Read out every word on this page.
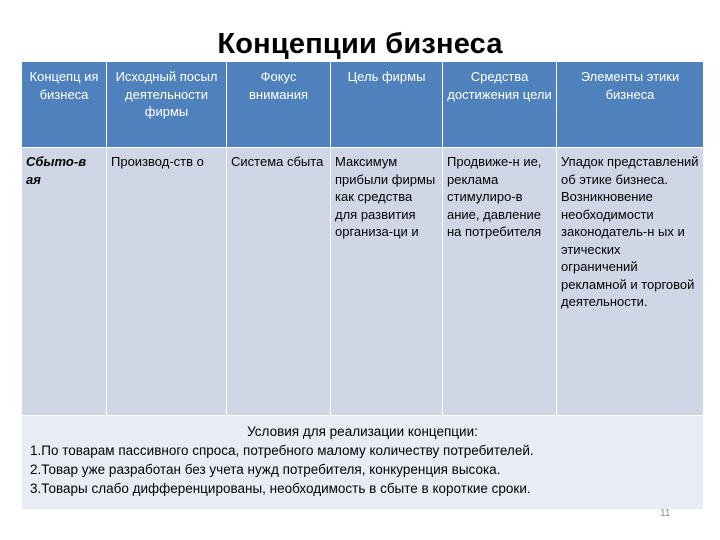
Концепции бизнеса
Концепц ия бизнеса	Исходный посыл деятельности фирмы	Фокус внимания	Цель фирмы	Средства достижения цели	Элементы этики бизнеса
Сбыто-в ая	Производ-ств о	Система сбыта	Максимум прибыли фирмы как средства для развития организа-ци и	Продвиже-н ие, реклама стимулиро-в ание, давление на потребителя	Упадок представлений об этике бизнеса. Возникновение необходимости законодатель-н ых и этических ограничений рекламной и торговой деятельности.

Условия для реализации концепции:
1.По товарам пассивного спроса, потребного малому количеству потребителей.
2.Товар уже разработан без учета нужд потребителя, конкуренция высока.
3.Товары слабо дифференцированы, необходимость в сбыте в короткие сроки.					
11
